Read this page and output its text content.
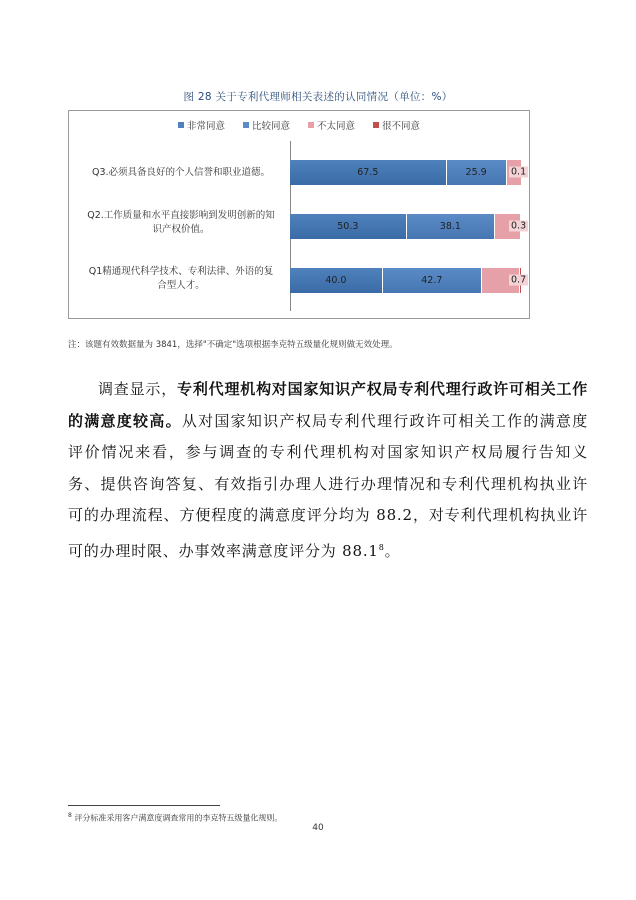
图 28 关于专利代理师相关表述的认同情况（单位：%）
非常同意	比较同意	不太同意	很不同意
Q3.必须具备良好的个人信誉和职业道德。	67.5	25.9	0.1
Q2.工作质量和水平直接影响到发明创新的知
识产权价值。	50.3	38.1	0.3
Q1精通现代科学技术、专利法律、外语的复
合型人才。	40.0	42.7	0.7
注：该题有效数据量为 3841，选择"不确定"选项根据李克特五级量化规则做无效处理。
调查显示，专利代理机构对国家知识产权局专利代理行政许可相关工作的满意度较高。从对国家知识产权局专利代理行政许可相关工作的满意度评价情况来看，参与调查的专利代理机构对国家知识产权局履行告知义务、提供咨询答复、有效指引办理人进行办理情况和专利代理机构执业许可的办理流程、方便程度的满意度评分均为 88.2，对专利代理机构执业许可的办理时限、办事效率满意度评分为 88.1$^8$。
$^8$ 评分标准采用客户满意度调查常用的李克特五级量化规则。
40
